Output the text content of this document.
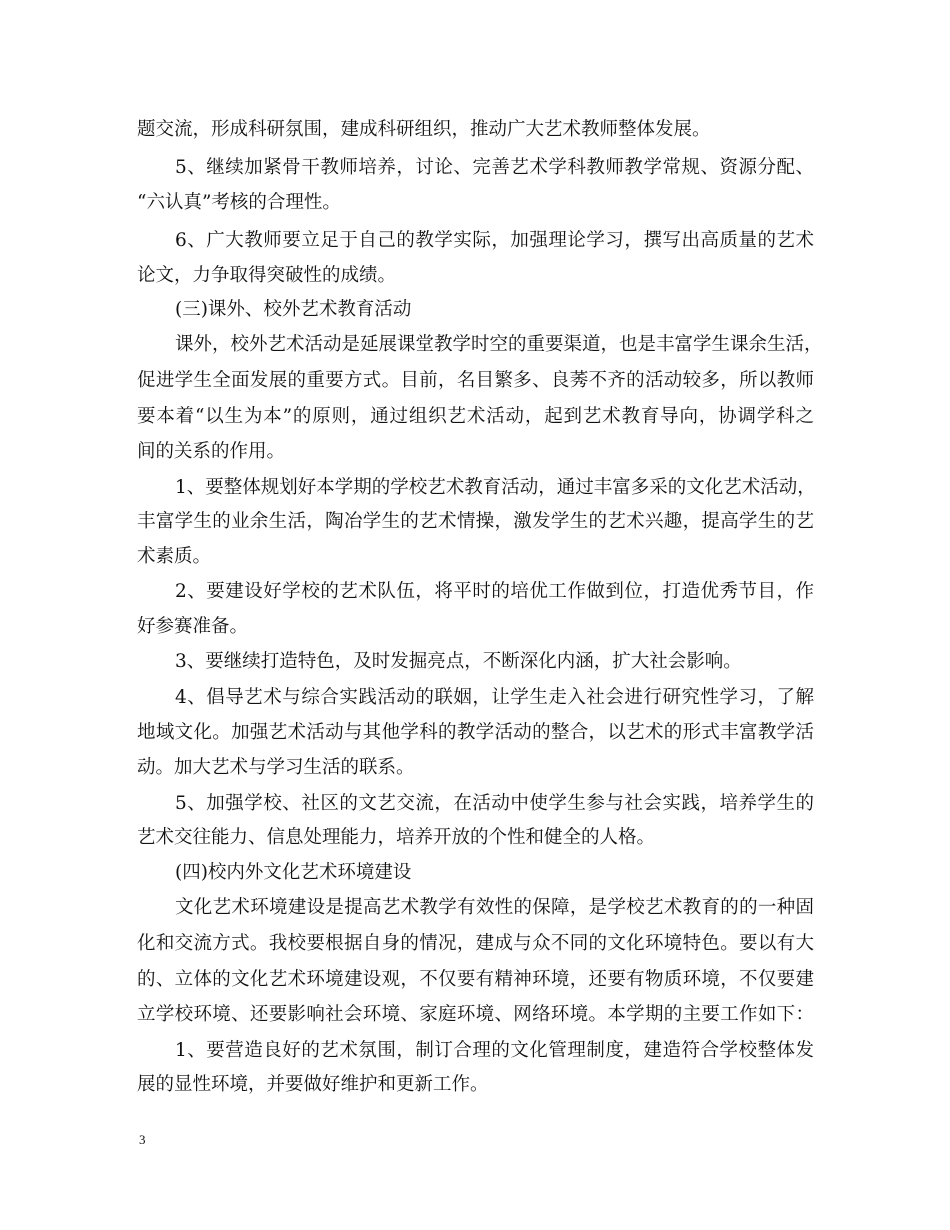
题交流，形成科研氛围，建成科研组织，推动广大艺术教师整体发展。
5、继续加紧骨干教师培养，讨论、完善艺术学科教师教学常规、资源分配、
“六认真”考核的合理性。
6、广大教师要立足于自己的教学实际，加强理论学习，撰写出高质量的艺术
论文，力争取得突破性的成绩。
(三)课外、校外艺术教育活动
课外，校外艺术活动是延展课堂教学时空的重要渠道，也是丰富学生课余生活，
促进学生全面发展的重要方式。目前，名目繁多、良莠不齐的活动较多，所以教师
要本着“以生为本”的原则，通过组织艺术活动，起到艺术教育导向，协调学科之
间的关系的作用。
1、要整体规划好本学期的学校艺术教育活动，通过丰富多采的文化艺术活动，
丰富学生的业余生活，陶冶学生的艺术情操，激发学生的艺术兴趣，提高学生的艺
术素质。
2、要建设好学校的艺术队伍，将平时的培优工作做到位，打造优秀节目，作
好参赛准备。
3、要继续打造特色，及时发掘亮点，不断深化内涵，扩大社会影响。
4、倡导艺术与综合实践活动的联姻，让学生走入社会进行研究性学习，了解
地域文化。加强艺术活动与其他学科的教学活动的整合，以艺术的形式丰富教学活
动。加大艺术与学习生活的联系。
5、加强学校、社区的文艺交流，在活动中使学生参与社会实践，培养学生的
艺术交往能力、信息处理能力，培养开放的个性和健全的人格。
(四)校内外文化艺术环境建设
文化艺术环境建设是提高艺术教学有效性的保障，是学校艺术教育的的一种固
化和交流方式。我校要根据自身的情况，建成与众不同的文化环境特色。要以有大
的、立体的文化艺术环境建设观，不仅要有精神环境，还要有物质环境，不仅要建
立学校环境、还要影响社会环境、家庭环境、网络环境。本学期的主要工作如下：
1、要营造良好的艺术氛围，制订合理的文化管理制度，建造符合学校整体发
展的显性环境，并要做好维护和更新工作。
3
